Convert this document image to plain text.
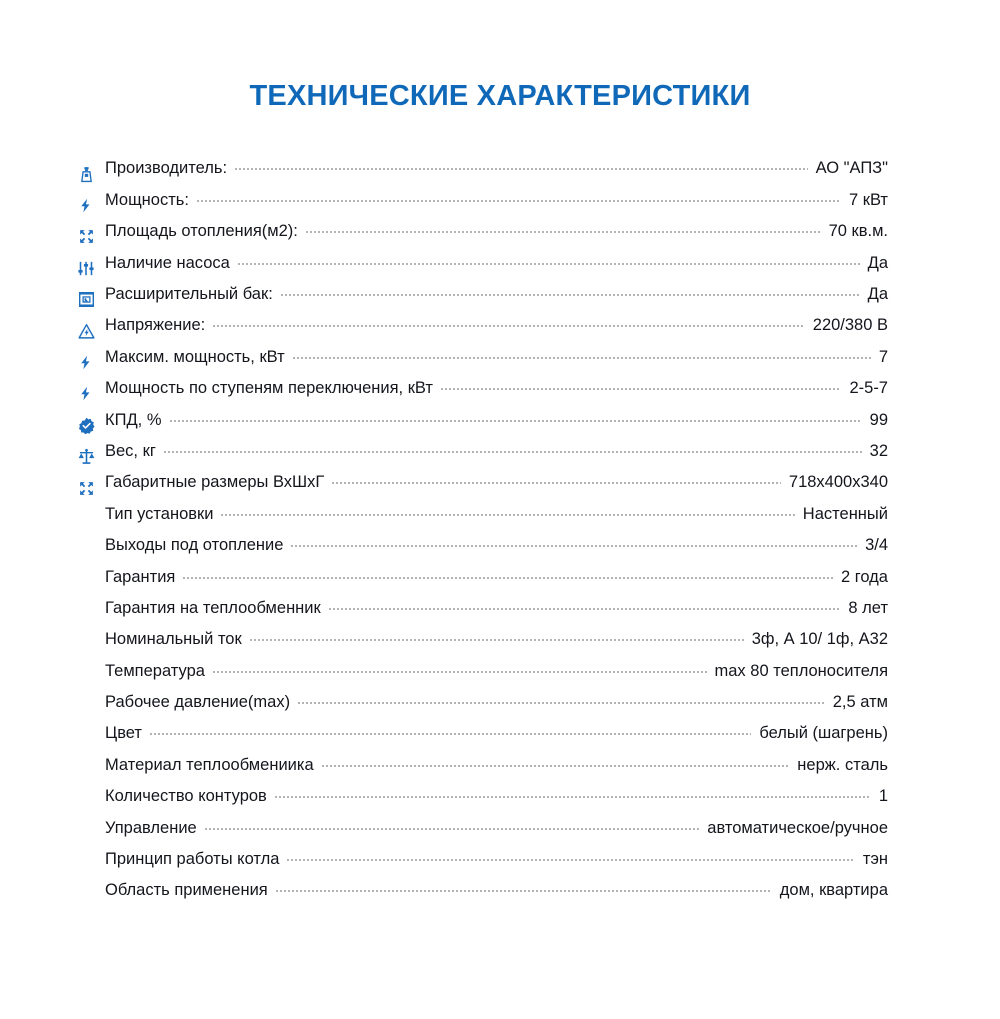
ТЕХНИЧЕСКИЕ ХАРАКТЕРИСТИКИ
Производитель:	АО "АПЗ"
Мощность:	7 кВт
Площадь отопления(м2):	70 кв.м.
Наличие насоса	Да
Расширительный бак:	Да
Напряжение:	220/380 В
Максим. мощность, кВт	7
Мощность по ступеням переключения, кВт	2-5-7
КПД, %	99
Вес, кг	32
Габаритные размеры ВхШхГ	718x400x340
Тип установки	Настенный
Выходы под отопление	3/4
Гарантия	2 года
Гарантия на теплообменник	8 лет
Номинальный ток	3ф, А 10/ 1ф, А32
Температура	max 80 теплоносителя
Рабочее давление(max)	2,5 атм
Цвет	белый (шагрень)
Материал теплообмениика	нерж. сталь
Количество контуров	1
Управление	автоматическое/ручное
Принцип работы котла	тэн
Область применения	дом, квартира
